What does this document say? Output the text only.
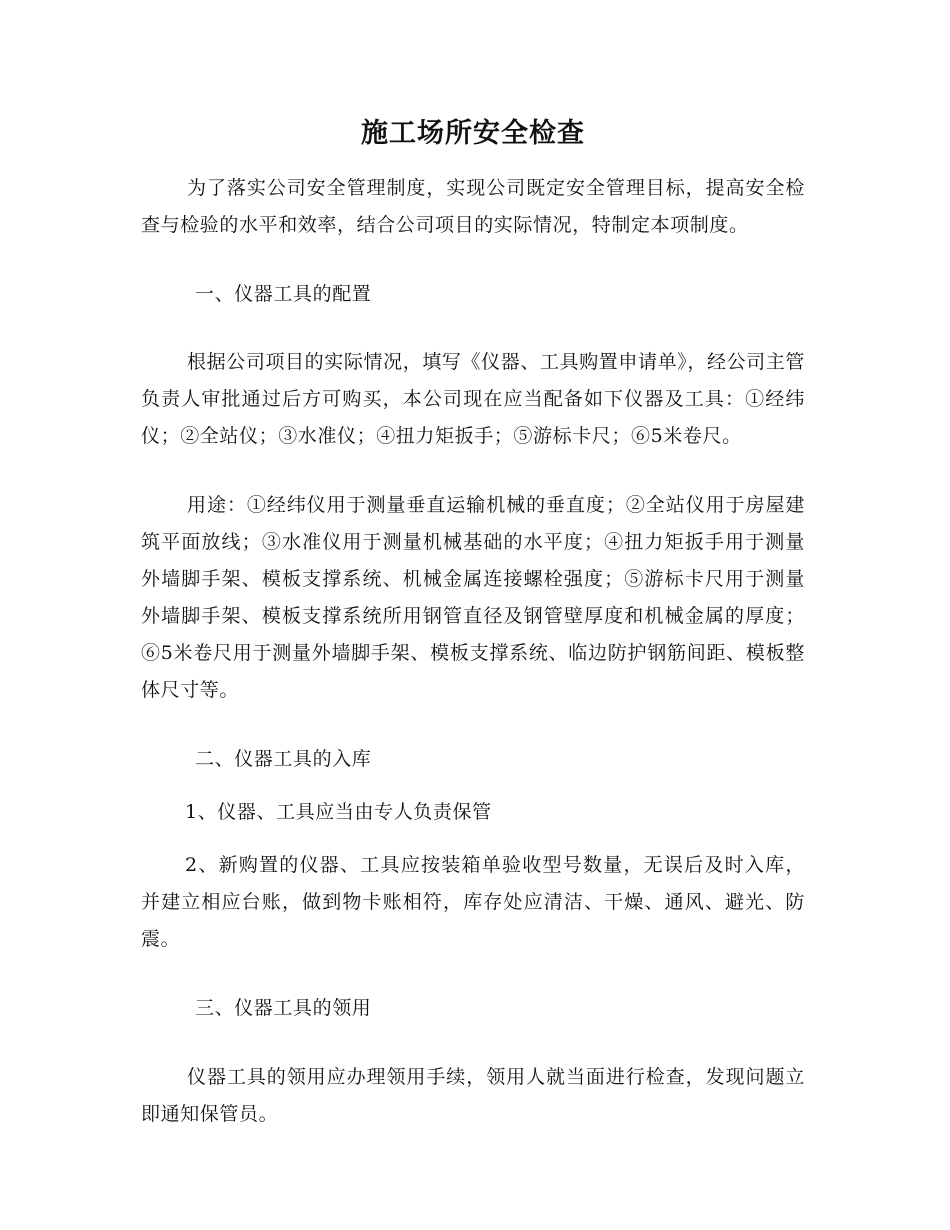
施工场所安全检查

为了落实公司安全管理制度，实现公司既定安全管理目标，提高安全检查与检验的水平和效率，结合公司项目的实际情况，特制定本项制度。

一、仪器工具的配置

根据公司项目的实际情况，填写《仪器、工具购置申请单》，经公司主管负责人审批通过后方可购买，本公司现在应当配备如下仪器及工具：①经纬仪；②全站仪；③水准仪；④扭力矩扳手；⑤游标卡尺；⑥5米卷尺。

用途：①经纬仪用于测量垂直运输机械的垂直度；②全站仪用于房屋建筑平面放线；③水准仪用于测量机械基础的水平度；④扭力矩扳手用于测量外墙脚手架、模板支撑系统、机械金属连接螺栓强度；⑤游标卡尺用于测量外墙脚手架、模板支撑系统所用钢管直径及钢管壁厚度和机械金属的厚度；⑥5米卷尺用于测量外墙脚手架、模板支撑系统、临边防护钢筋间距、模板整体尺寸等。

二、仪器工具的入库

1、仪器、工具应当由专人负责保管

2、新购置的仪器、工具应按装箱单验收型号数量，无误后及时入库，并建立相应台账，做到物卡账相符，库存处应清洁、干燥、通风、避光、防震。

三、仪器工具的领用

仪器工具的领用应办理领用手续，领用人就当面进行检查，发现问题立即通知保管员。
